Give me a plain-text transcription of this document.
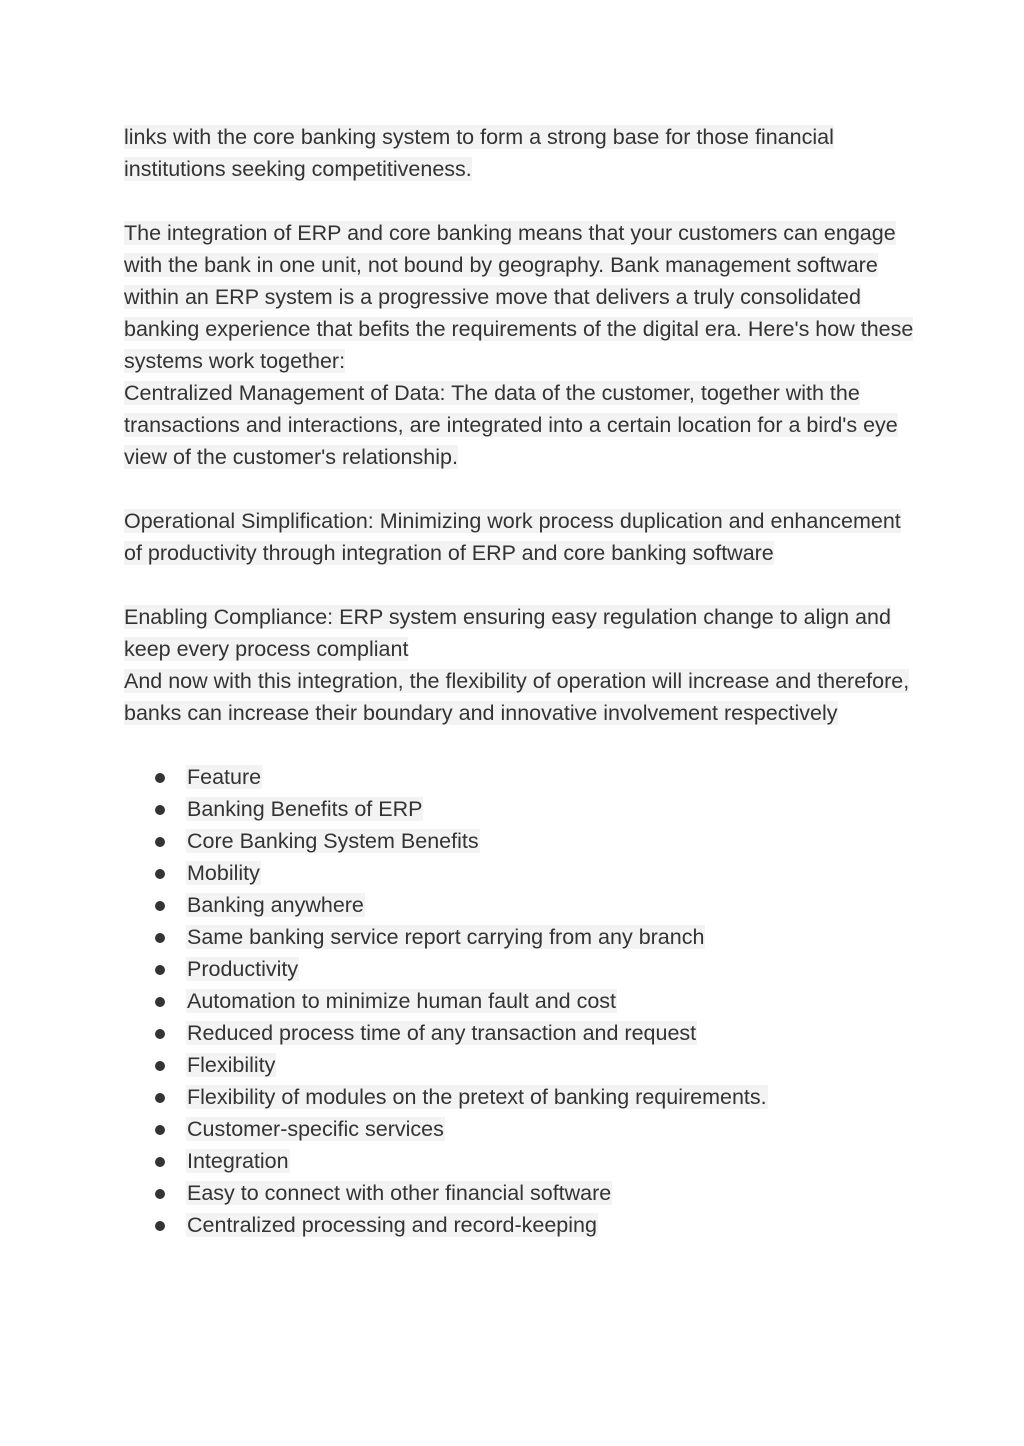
links with the core banking system to form a strong base for those financial institutions seeking competitiveness.

The integration of ERP and core banking means that your customers can engage with the bank in one unit, not bound by geography. Bank management software within an ERP system is a progressive move that delivers a truly consolidated banking experience that befits the requirements of the digital era. Here's how these systems work together:

Centralized Management of Data: The data of the customer, together with the transactions and interactions, are integrated into a certain location for a bird's eye view of the customer's relationship.

Operational Simplification: Minimizing work process duplication and enhancement of productivity through integration of ERP and core banking software

Enabling Compliance: ERP system ensuring easy regulation change to align and keep every process compliant

And now with this integration, the flexibility of operation will increase and therefore, banks can increase their boundary and innovative involvement respectively

Feature
Banking Benefits of ERP
Core Banking System Benefits
Mobility
Banking anywhere
Same banking service report carrying from any branch
Productivity
Automation to minimize human fault and cost
Reduced process time of any transaction and request
Flexibility
Flexibility of modules on the pretext of banking requirements.
Customer-specific services
Integration
Easy to connect with other financial software
Centralized processing and record-keeping
